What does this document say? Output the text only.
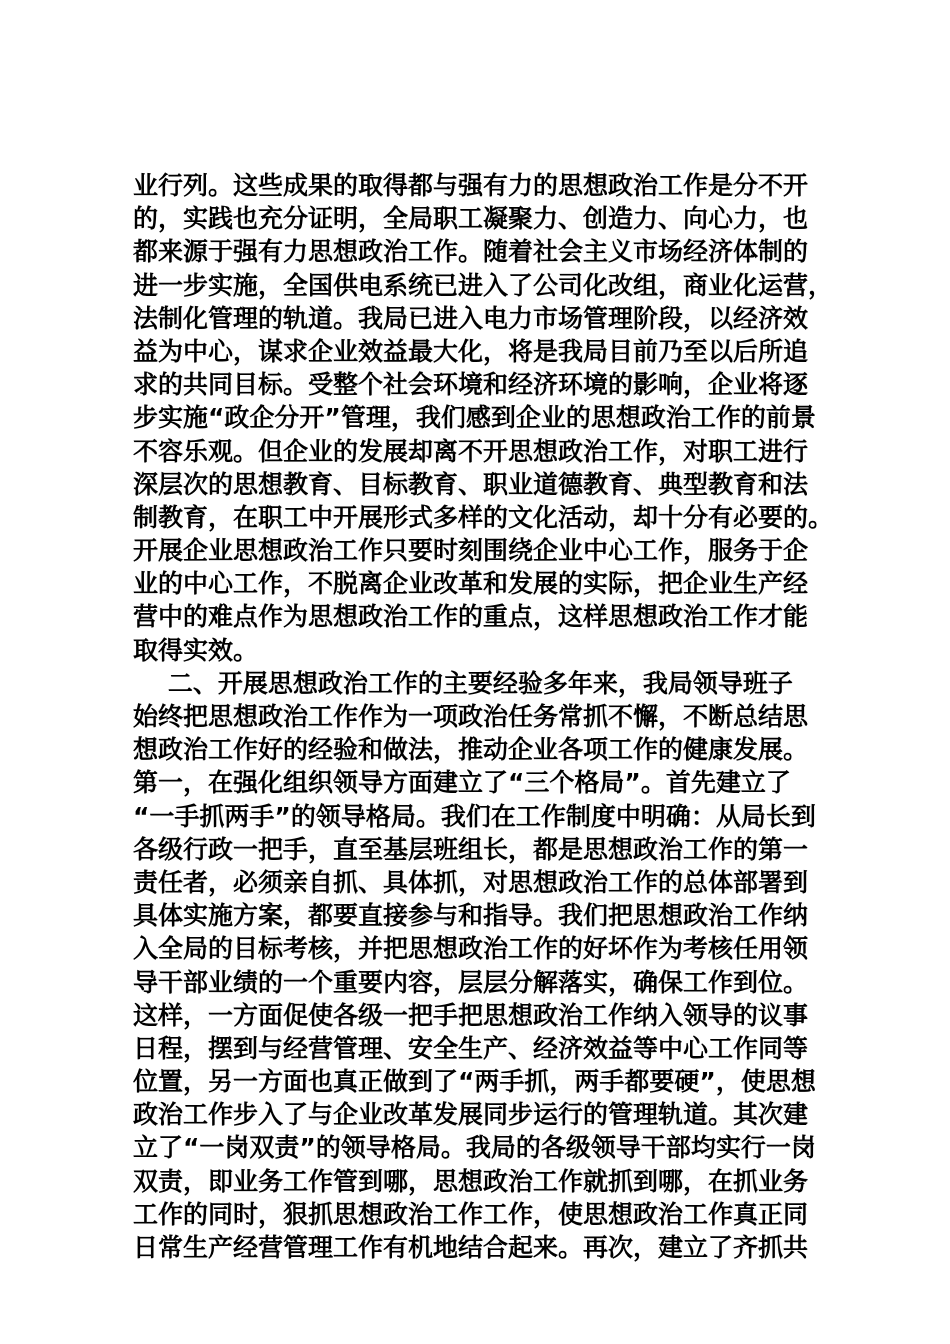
业行列。这些成果的取得都与强有力的思想政治工作是分不开
的，实践也充分证明，全局职工凝聚力、创造力、向心力，也
都来源于强有力思想政治工作。随着社会主义市场经济体制的
进一步实施，全国供电系统已进入了公司化改组，商业化运营，
法制化管理的轨道。我局已进入电力市场管理阶段，以经济效
益为中心，谋求企业效益最大化，将是我局目前乃至以后所追
求的共同目标。受整个社会环境和经济环境的影响，企业将逐
步实施“政企分开”管理，我们感到企业的思想政治工作的前景
不容乐观。但企业的发展却离不开思想政治工作，对职工进行
深层次的思想教育、目标教育、职业道德教育、典型教育和法
制教育，在职工中开展形式多样的文化活动，却十分有必要的。
开展企业思想政治工作只要时刻围绕企业中心工作，服务于企
业的中心工作，不脱离企业改革和发展的实际，把企业生产经
营中的难点作为思想政治工作的重点，这样思想政治工作才能
取得实效。
二、开展思想政治工作的主要经验多年来，我局领导班子
始终把思想政治工作作为一项政治任务常抓不懈，不断总结思
想政治工作好的经验和做法，推动企业各项工作的健康发展。
第一，在强化组织领导方面建立了“三个格局”。首先建立了
“一手抓两手”的领导格局。我们在工作制度中明确：从局长到
各级行政一把手，直至基层班组长，都是思想政治工作的第一
责任者，必须亲自抓、具体抓，对思想政治工作的总体部署到
具体实施方案，都要直接参与和指导。我们把思想政治工作纳
入全局的目标考核，并把思想政治工作的好坏作为考核任用领
导干部业绩的一个重要内容，层层分解落实，确保工作到位。
这样，一方面促使各级一把手把思想政治工作纳入领导的议事
日程，摆到与经营管理、安全生产、经济效益等中心工作同等
位置，另一方面也真正做到了“两手抓，两手都要硬”，使思想
政治工作步入了与企业改革发展同步运行的管理轨道。其次建
立了“一岗双责”的领导格局。我局的各级领导干部均实行一岗
双责，即业务工作管到哪，思想政治工作就抓到哪，在抓业务
工作的同时，狠抓思想政治工作工作，使思想政治工作真正同
日常生产经营管理工作有机地结合起来。再次，建立了齐抓共
